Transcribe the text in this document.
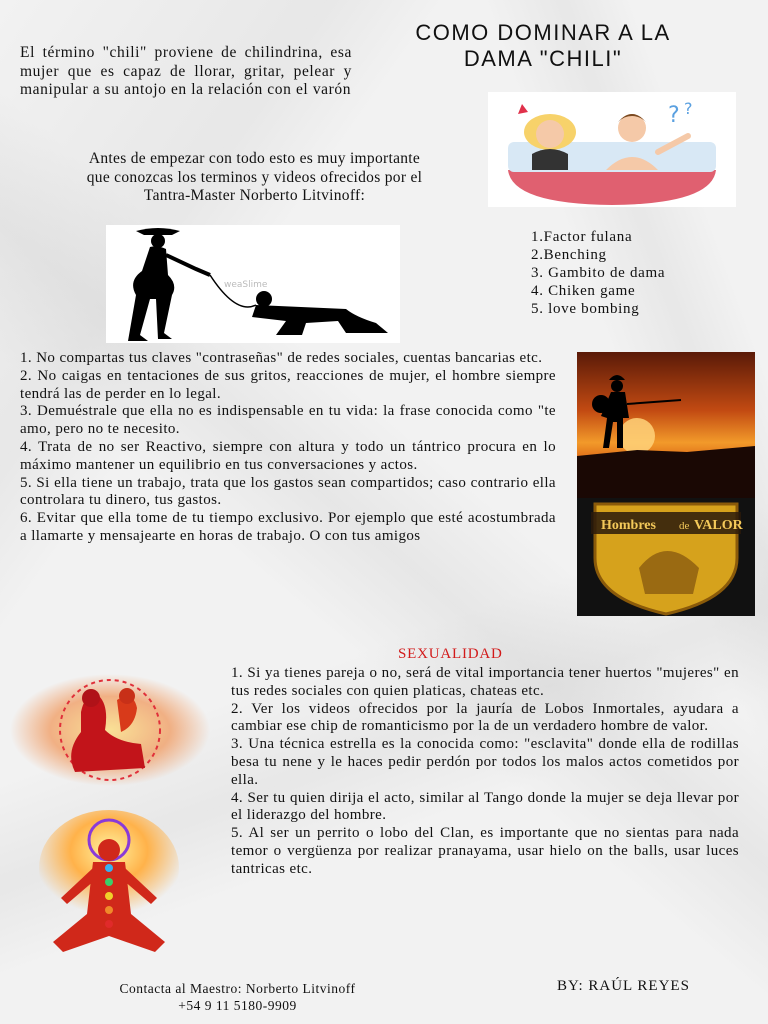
COMO DOMINAR A LA
DAMA "CHILI"
El término "chili" proviene de chilindrina, esa mujer que es capaz de llorar, gritar, pelear y manipular a su antojo en la relación con el varón
Antes de empezar con todo esto es muy importante que conozcas los terminos y videos ofrecidos por el Tantra-Master Norberto Litvinoff:
? ?
weaSlime
1.Factor fulana
2.Benching
3. Gambito de dama
4. Chiken game
5. love bombing
Hombres de VALOR

1. No compartas tus claves "contraseñas" de redes sociales, cuentas bancarias etc.

2. No caigas en tentaciones de sus gritos, reacciones de mujer, el hombre siempre tendrá las de perder en lo legal.

3. Demuéstrale que ella no es indispensable en tu vida: la frase conocida como "te amo, pero no te necesito.

4. Trata de no ser Reactivo, siempre con altura y todo un tántrico procura en lo máximo mantener un equilibrio en tus conversaciones y actos.

5. Si ella tiene un trabajo, trata que los gastos sean compartidos; caso contrario ella controlara tu dinero, tus gastos.

6. Evitar que ella tome de tu tiempo exclusivo. Por ejemplo que esté acostumbrada a llamarte y mensajearte en horas de trabajo. O con tus amigos

SEXUALIDAD

1. Si ya tienes pareja o no, será de vital importancia tener huertos "mujeres" en tus redes sociales con quien platicas, chateas etc.

2. Ver los videos ofrecidos por la jauría de Lobos Inmortales, ayudara a cambiar ese chip de romanticismo por la de un verdadero hombre de valor.

3. Una técnica estrella es la conocida como: "esclavita" donde ella de rodillas besa tu nene y le haces pedir perdón por todos los malos actos cometidos por ella.

4. Ser tu quien dirija el acto, similar al Tango donde la mujer se deja llevar por el liderazgo del hombre.

5. Al ser un perrito o lobo del Clan, es importante que no sientas para nada temor o vergüenza por realizar pranayama, usar hielo on the balls, usar luces tantricas etc.

Contacta al Maestro: Norberto Litvinoff
+54 9 11 5180-9909
BY: RAÚL REYES
